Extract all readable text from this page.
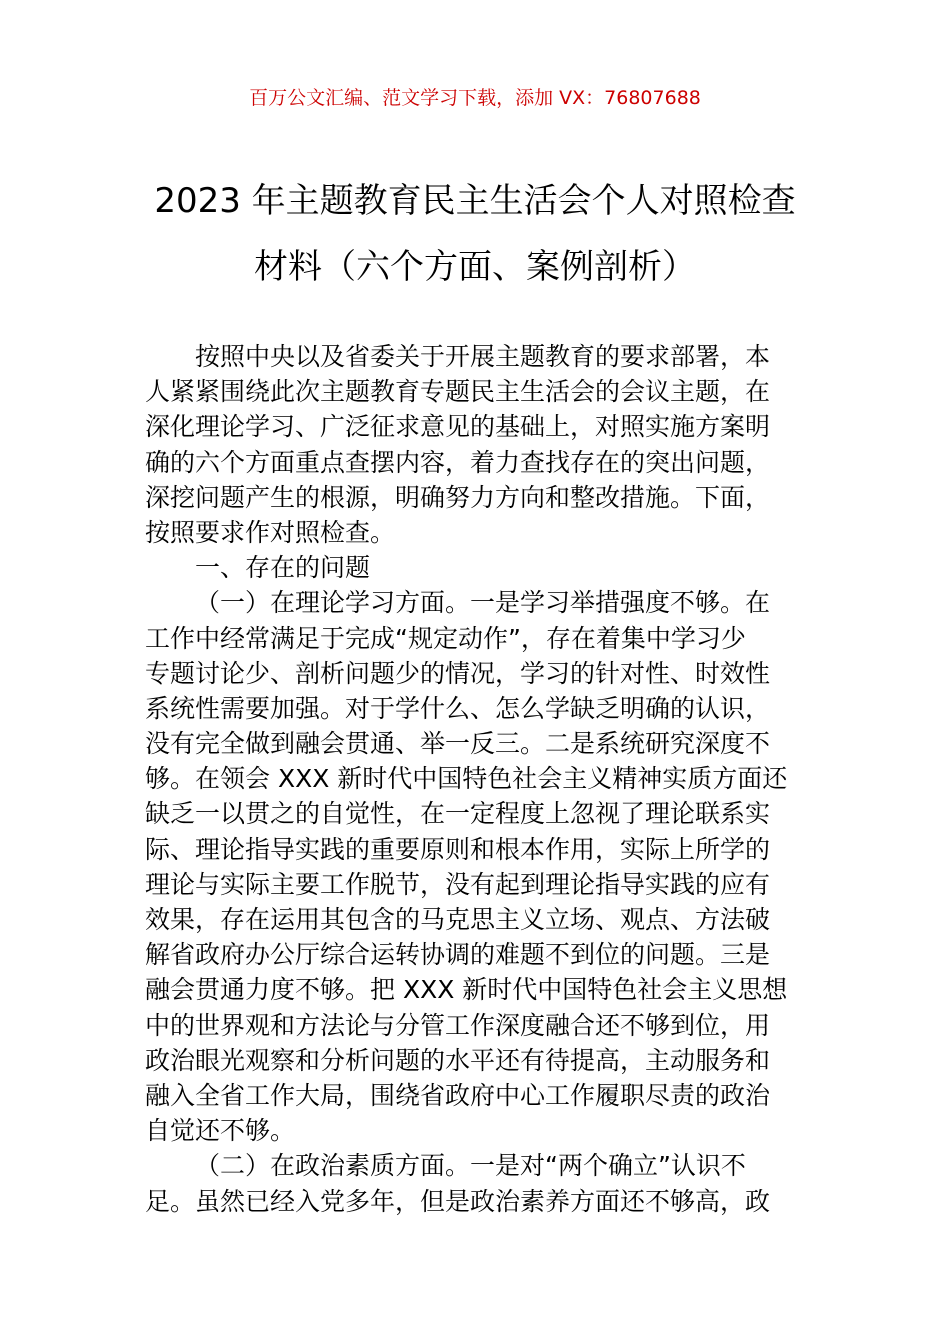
百万公文汇编、范文学习下载，添加 VX：76807688
2023 年主题教育民主生活会个人对照检查
材料（六个方面、案例剖析）
按照中央以及省委关于开展主题教育的要求部署，本
人紧紧围绕此次主题教育专题民主生活会的会议主题，在
深化理论学习、广泛征求意见的基础上，对照实施方案明
确的六个方面重点查摆内容，着力查找存在的突出问题，
深挖问题产生的根源，明确努力方向和整改措施。下面，
按照要求作对照检查。
一、存在的问题
（一）在理论学习方面。一是学习举措强度不够。在
工作中经常满足于完成“规定动作”，存在着集中学习少
专题讨论少、剖析问题少的情况，学习的针对性、时效性
系统性需要加强。对于学什么、怎么学缺乏明确的认识，
没有完全做到融会贯通、举一反三。二是系统研究深度不
够。在领会 XXX 新时代中国特色社会主义精神实质方面还
缺乏一以贯之的自觉性，在一定程度上忽视了理论联系实
际、理论指导实践的重要原则和根本作用，实际上所学的
理论与实际主要工作脱节，没有起到理论指导实践的应有
效果，存在运用其包含的马克思主义立场、观点、方法破
解省政府办公厅综合运转协调的难题不到位的问题。三是
融会贯通力度不够。把 XXX 新时代中国特色社会主义思想
中的世界观和方法论与分管工作深度融合还不够到位，用
政治眼光观察和分析问题的水平还有待提高，主动服务和
融入全省工作大局，围绕省政府中心工作履职尽责的政治
自觉还不够。
（二）在政治素质方面。一是对“两个确立”认识不
足。虽然已经入党多年，但是政治素养方面还不够高，政
